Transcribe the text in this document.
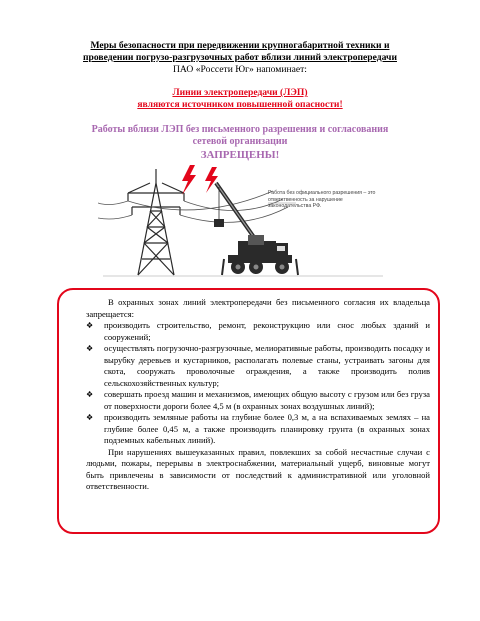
Меры безопасности при передвижении крупногабаритной техники и
проведении погрузо-разгрузочных работ вблизи линий электропередачи
ПАО «Россети Юг» напоминает:
Линии электропередачи (ЛЭП)
являются источником повышенной опасности!
Работы вблизи ЛЭП без письменного разрешения и согласования
сетевой организации
ЗАПРЕЩЕНЫ!
Работа без официального разрешения – это ответственность за нарушение законодательства РФ.

В охранных зонах линий электропередачи без письменного согласия их владельца запрещается:

❖ производить строительство, ремонт, реконструкцию или снос любых зданий и сооружений;
❖ осуществлять погрузочно-разгрузочные, мелиоративные работы, производить посадку и вырубку деревьев и кустарников, располагать полевые станы, устраивать загоны для скота, сооружать проволочные ограждения, а также производить полив сельскохозяйственных культур;
❖ совершать проезд машин и механизмов, имеющих общую высоту с грузом или без груза от поверхности дороги более 4,5 м (в охранных зонах воздушных линий);
❖ производить земляные работы на глубине более 0,3 м, а на вспахиваемых землях – на глубине более 0,45 м, а также производить планировку грунта (в охранных зонах подземных кабельных линий).

При нарушениях вышеуказанных правил, повлекших за собой несчастные случаи с людьми, пожары, перерывы в электроснабжении, материальный ущерб, виновные могут быть привлечены в зависимости от последствий к административной или уголовной ответственности.
